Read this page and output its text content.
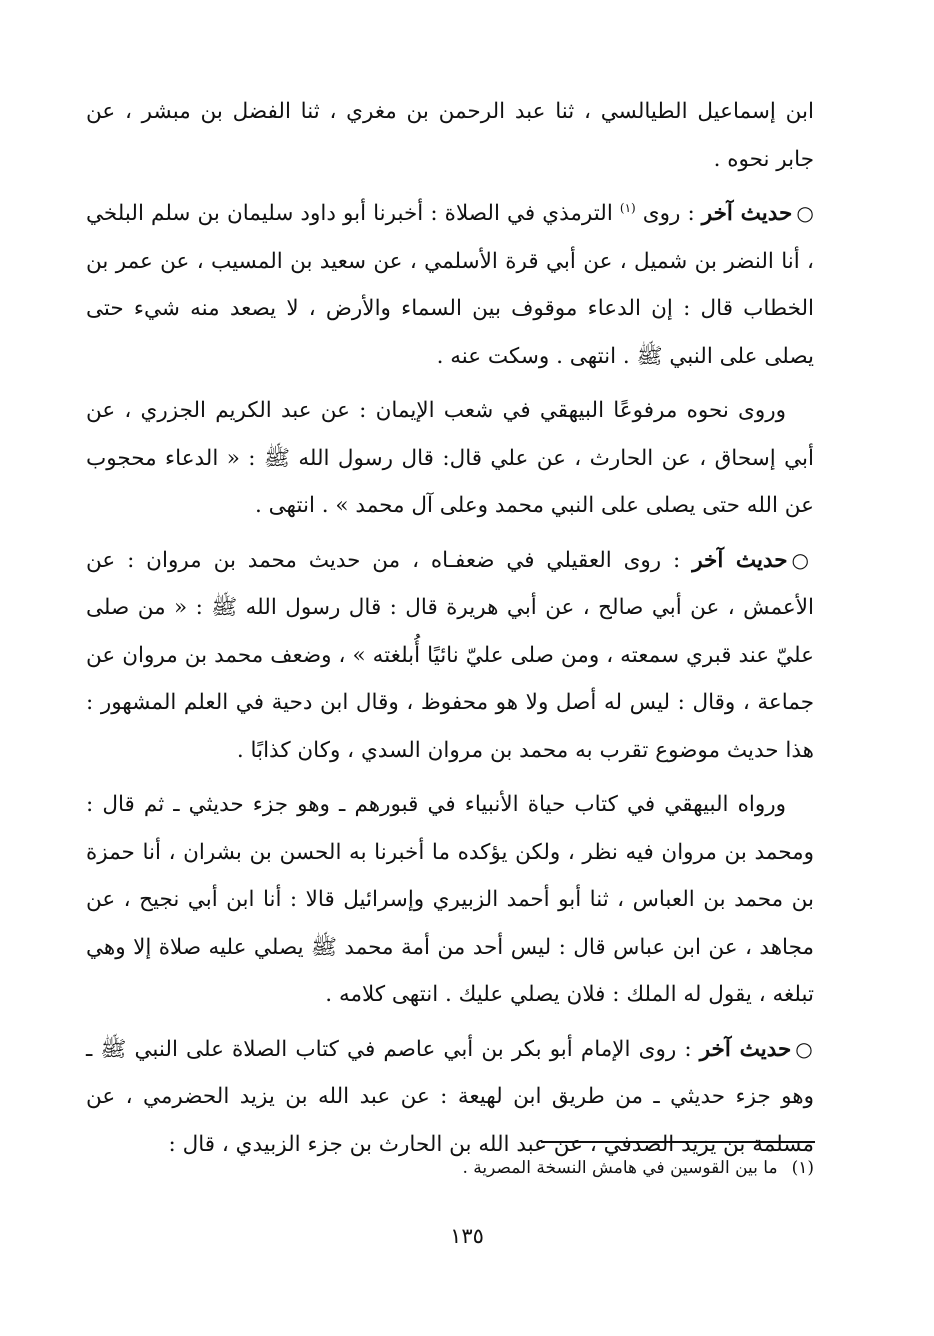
ابن إسماعيل الطيالسي ، ثنا عبد الرحمن بن مغري ، ثنا الفضل بن مبشر ، عن جابر نحوه .

○حديث آخر : روى $^{(١)}$ الترمذي في الصلاة : أخبرنا أبو داود سليمان بن سلم البلخي ، أنا النضر بن شميل ، عن أبي قرة الأسلمي ، عن سعيد بن المسيب ، عن عمر بن الخطاب قال : إن الدعاء موقوف بين السماء والأرض ، لا يصعد منه شيء حتى يصلى على النبي ﷺ . انتهى . وسكت عنه .

وروى نحوه مرفوعًا البيهقي في شعب الإيمان : عن عبد الكريم الجزري ، عن أبي إسحاق ، عن الحارث ، عن علي قال: قال رسول الله ﷺ : « الدعاء محجوب عن الله حتى يصلى على النبي محمد وعلى آل محمد » . انتهى .

○حديث آخر : روى العقيلي في ضعفـاه ، من حديث محمد بن مروان : عن الأعمش ، عن أبي صالح ، عن أبي هريرة قال : قال رسول الله ﷺ : « من صلى عليّ عند قبري سمعته ، ومن صلى عليّ نائيًا أُبلغته » ، وضعف محمد بن مروان عن جماعة ، وقال : ليس له أصل ولا هو محفوظ ، وقال ابن دحية في العلم المشهور : هذا حديث موضوع تقرب به محمد بن مروان السدي ، وكان كذابًا .

ورواه البيهقي في كتاب حياة الأنبياء في قبورهم ـ وهو جزء حديثي ـ ثم قال : ومحمد بن مروان فيه نظر ، ولكن يؤكده ما أخبرنا به الحسن بن بشران ، أنا حمزة بن محمد بن العباس ، ثنا أبو أحمد الزبيري وإسرائيل قالا : أنا ابن أبي نجيح ، عن مجاهد ، عن ابن عباس قال : ليس أحد من أمة محمد ﷺ يصلي عليه صلاة إلا وهي تبلغه ، يقول له الملك : فلان يصلي عليك . انتهى كلامه .

○حديث آخر : روى الإمام أبو بكر بن أبي عاصم في كتاب الصلاة على النبي ﷺ ـ وهو جزء حديثي ـ من طريق ابن لهيعة : عن عبد الله بن يزيد الحضرمي ، عن مسلمة بن يزيد الصدفي ، عن عبد الله بن الحارث بن جزء الزبيدي ، قال :

(١)ما بين القوسين في هامش النسخة المصرية .
١٣٥
